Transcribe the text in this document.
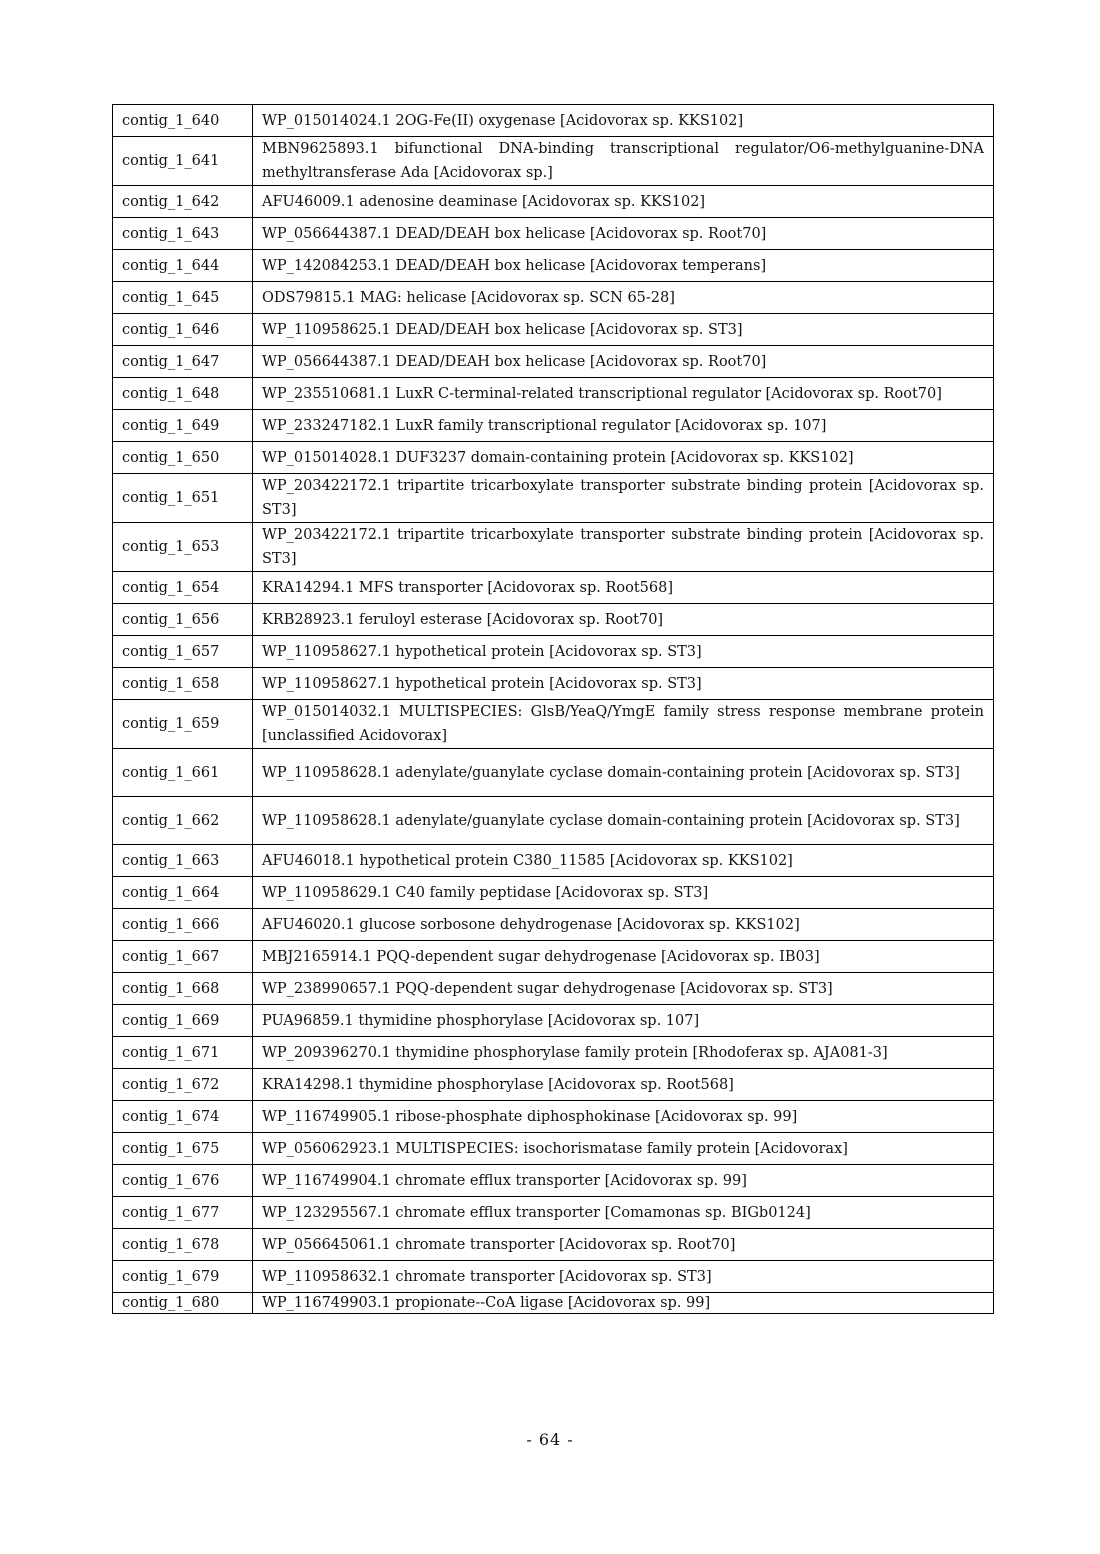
contig_1_640	WP_015014024.1 2OG-Fe(II) oxygenase [Acidovorax sp. KKS102]
contig_1_641	MBN9625893.1 bifunctional DNA-binding transcriptional regulator/O6-methylguanine-DNA methyltransferase Ada [Acidovorax sp.]
contig_1_642	AFU46009.1 adenosine deaminase [Acidovorax sp. KKS102]
contig_1_643	WP_056644387.1 DEAD/DEAH box helicase [Acidovorax sp. Root70]
contig_1_644	WP_142084253.1 DEAD/DEAH box helicase [Acidovorax temperans]
contig_1_645	ODS79815.1 MAG: helicase [Acidovorax sp. SCN 65-28]
contig_1_646	WP_110958625.1 DEAD/DEAH box helicase [Acidovorax sp. ST3]
contig_1_647	WP_056644387.1 DEAD/DEAH box helicase [Acidovorax sp. Root70]
contig_1_648	WP_235510681.1 LuxR C-terminal-related transcriptional regulator [Acidovorax sp. Root70]
contig_1_649	WP_233247182.1 LuxR family transcriptional regulator [Acidovorax sp. 107]
contig_1_650	WP_015014028.1 DUF3237 domain-containing protein [Acidovorax sp. KKS102]
contig_1_651	WP_203422172.1 tripartite tricarboxylate transporter substrate binding protein [Acidovorax sp. ST3]
contig_1_653	WP_203422172.1 tripartite tricarboxylate transporter substrate binding protein [Acidovorax sp. ST3]
contig_1_654	KRA14294.1 MFS transporter [Acidovorax sp. Root568]
contig_1_656	KRB28923.1 feruloyl esterase [Acidovorax sp. Root70]
contig_1_657	WP_110958627.1 hypothetical protein [Acidovorax sp. ST3]
contig_1_658	WP_110958627.1 hypothetical protein [Acidovorax sp. ST3]
contig_1_659	WP_015014032.1 MULTISPECIES: GlsB/YeaQ/YmgE family stress response membrane protein [unclassified Acidovorax]
contig_1_661	WP_110958628.1 adenylate/guanylate cyclase domain-containing protein [Acidovorax sp. ST3]
contig_1_662	WP_110958628.1 adenylate/guanylate cyclase domain-containing protein [Acidovorax sp. ST3]
contig_1_663	AFU46018.1 hypothetical protein C380_11585 [Acidovorax sp. KKS102]
contig_1_664	WP_110958629.1 C40 family peptidase [Acidovorax sp. ST3]
contig_1_666	AFU46020.1 glucose sorbosone dehydrogenase [Acidovorax sp. KKS102]
contig_1_667	MBJ2165914.1 PQQ-dependent sugar dehydrogenase [Acidovorax sp. IB03]
contig_1_668	WP_238990657.1 PQQ-dependent sugar dehydrogenase [Acidovorax sp. ST3]
contig_1_669	PUA96859.1 thymidine phosphorylase [Acidovorax sp. 107]
contig_1_671	WP_209396270.1 thymidine phosphorylase family protein [Rhodoferax sp. AJA081-3]
contig_1_672	KRA14298.1 thymidine phosphorylase [Acidovorax sp. Root568]
contig_1_674	WP_116749905.1 ribose-phosphate diphosphokinase [Acidovorax sp. 99]
contig_1_675	WP_056062923.1 MULTISPECIES: isochorismatase family protein [Acidovorax]
contig_1_676	WP_116749904.1 chromate efflux transporter [Acidovorax sp. 99]
contig_1_677	WP_123295567.1 chromate efflux transporter [Comamonas sp. BIGb0124]
contig_1_678	WP_056645061.1 chromate transporter [Acidovorax sp. Root70]
contig_1_679	WP_110958632.1 chromate transporter [Acidovorax sp. ST3]
contig_1_680	WP_116749903.1 propionate--CoA ligase [Acidovorax sp. 99]
- 64 -
